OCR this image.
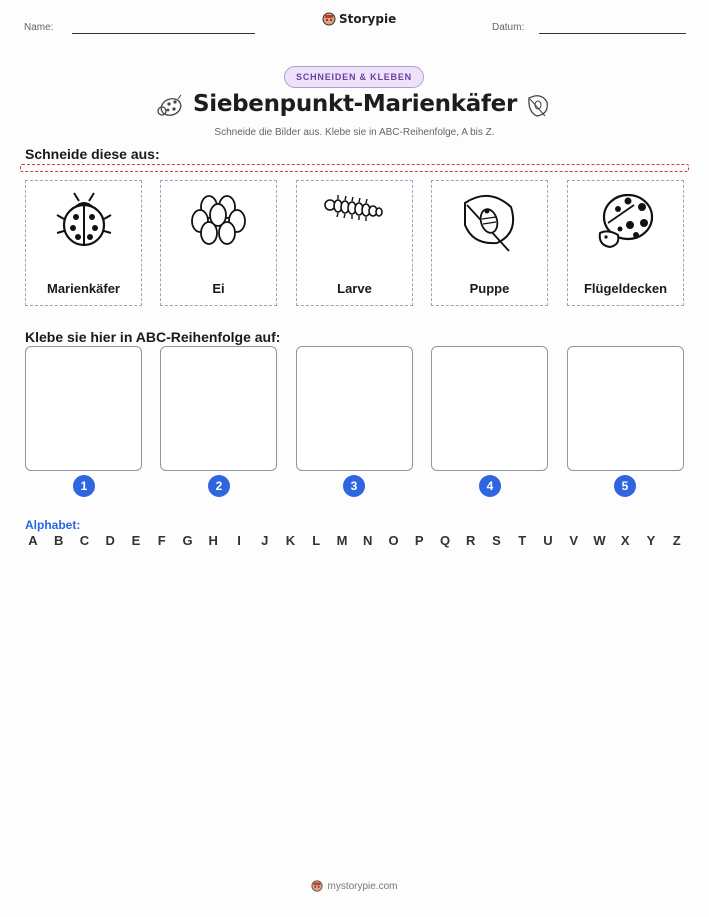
Name:
Storypie
Datum:
SCHNEIDEN & KLEBEN
Siebenpunkt-Marienkäfer
Schneide die Bilder aus. Klebe sie in ABC-Reihenfolge, A bis Z.
Schneide diese aus:
Marienkäfer	Ei	Larve	Puppe	Flügeldecken
Klebe sie hier in ABC-Reihenfolge auf:
1	2	3	4	5
Alphabet:
A B C D E	F	G H	I	J	K	L	M N O P Q R S	T	U V W X Y	Z
mystorypie.com
